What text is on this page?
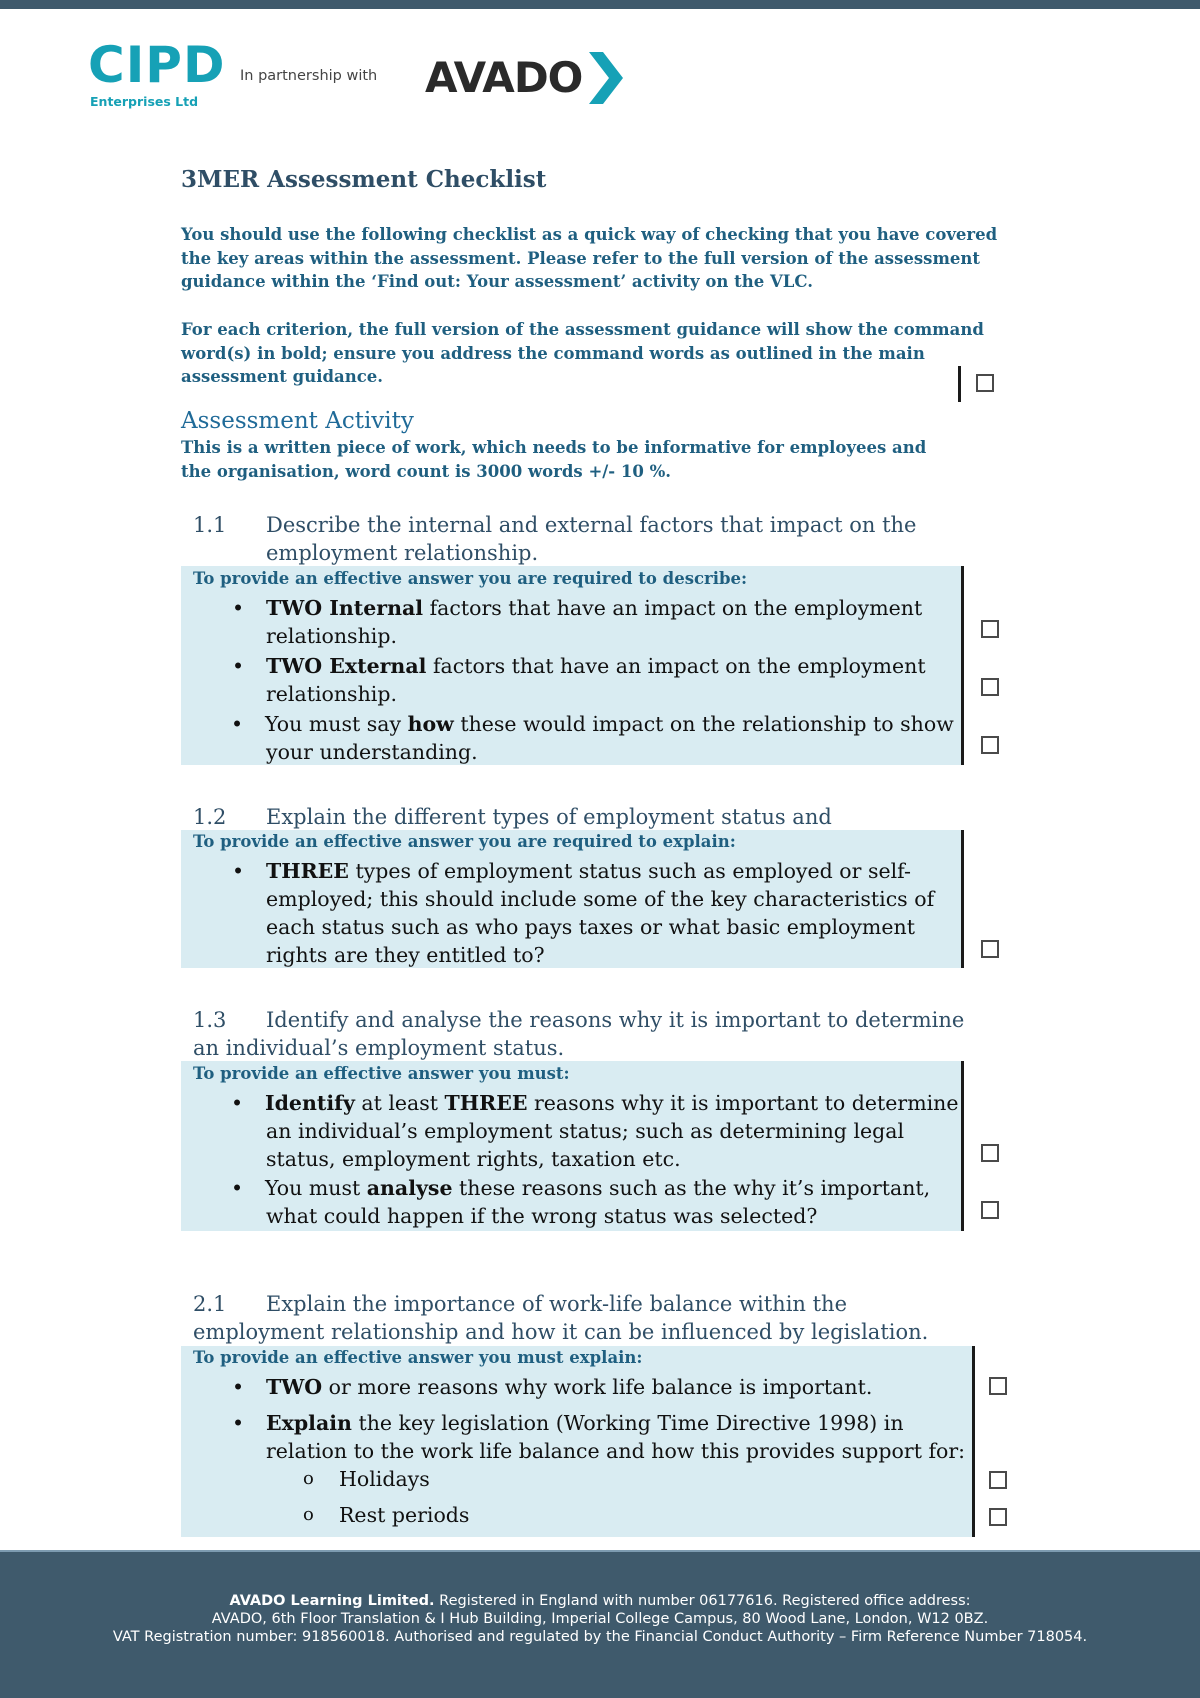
CIPD
Enterprises Ltd
In partnership with AVADO
3MER Assessment Checklist

You should use the following checklist as a quick way of checking that you have covered the key areas within the assessment. Please refer to the full version of the assessment guidance within the ‘Find out: Your assessment’ activity on the VLC.

For each criterion, the full version of the assessment guidance will show the command word(s) in bold; ensure you address the command words as outlined in the main assessment guidance.

Assessment Activity
This is a written piece of work, which needs to be informative for employees and the organisation, word count is 3000 words +/- 10 %.
1.1 Describe the internal and external factors that impact on the
employment relationship.
To provide an effective answer you are required to describe:
• TWO Internal factors that have an impact on the employment
relationship.
• TWO External factors that have an impact on the employment
relationship.
• You must say how these would impact on the relationship to show
your understanding.
1.2 Explain the different types of employment status and
To provide an effective answer you are required to explain:
• THREE types of employment status such as employed or self-
employed; this should include some of the key characteristics of
each status such as who pays taxes or what basic employment
rights are they entitled to?
1.3 Identify and analyse the reasons why it is important to determine
an individual’s employment status.
To provide an effective answer you must:
• Identify at least THREE reasons why it is important to determine
an individual’s employment status; such as determining legal
status, employment rights, taxation etc.
• You must analyse these reasons such as the why it’s important,
what could happen if the wrong status was selected?
2.1 Explain the importance of work-life balance within the
employment relationship and how it can be influenced by legislation.
To provide an effective answer you must explain:
• TWO or more reasons why work life balance is important.
• Explain the key legislation (Working Time Directive 1998) in
relation to the work life balance and how this provides support for:
o Holidays
o Rest periods
AVADO Learning Limited. Registered in England with number 06177616. Registered office address:
AVADO, 6th Floor Translation & I Hub Building, Imperial College Campus, 80 Wood Lane, London, W12 0BZ.
VAT Registration number: 918560018. Authorised and regulated by the Financial Conduct Authority – Firm Reference Number 718054.
